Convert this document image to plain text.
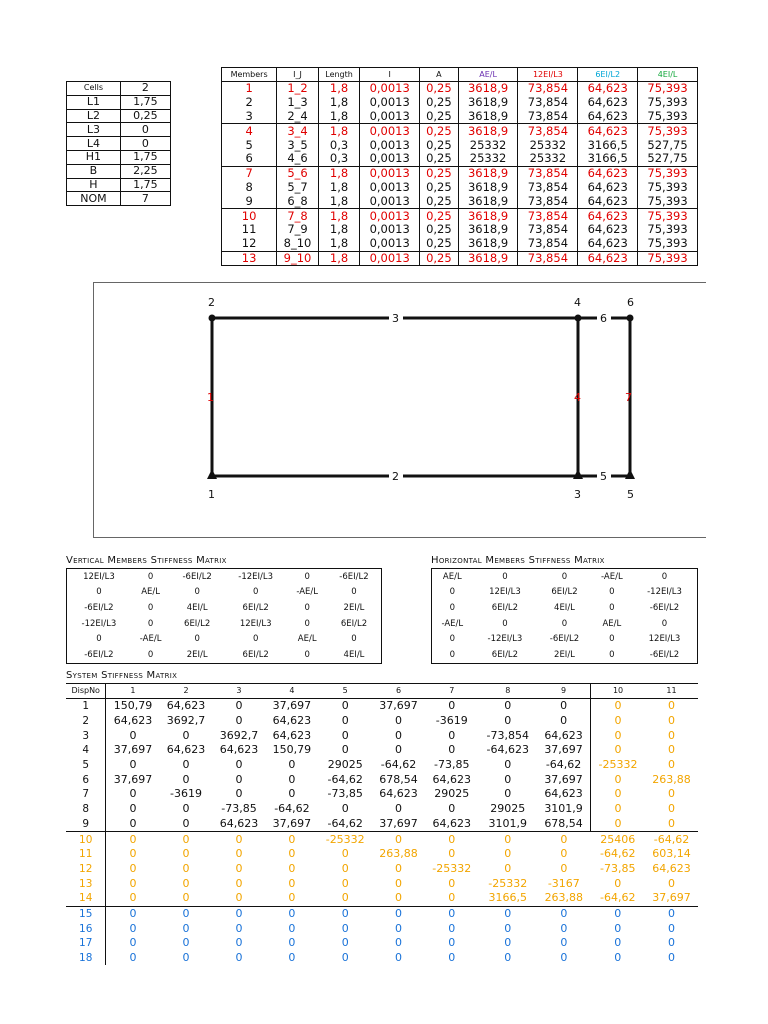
Cells	2
L1	1,75
L2	0,25
L3	0
L4	0
H1	1,75
B	2,25
H	1,75
NOM	7
Members	I_J	Length	I	A	AE/L	12EI/L3	6EI/L2	4EI/L
1	1_2	1,8	0,0013	0,25	3618,9	73,854	64,623	75,393
2	1_3	1,8	0,0013	0,25	3618,9	73,854	64,623	75,393
3	2_4	1,8	0,0013	0,25	3618,9	73,854	64,623	75,393
4	3_4	1,8	0,0013	0,25	3618,9	73,854	64,623	75,393
5	3_5	0,3	0,0013	0,25	25332	25332	3166,5	527,75
6	4_6	0,3	0,0013	0,25	25332	25332	3166,5	527,75
7	5_6	1,8	0,0013	0,25	3618,9	73,854	64,623	75,393
8	5_7	1,8	0,0013	0,25	3618,9	73,854	64,623	75,393
9	6_8	1,8	0,0013	0,25	3618,9	73,854	64,623	75,393
10	7_8	1,8	0,0013	0,25	3618,9	73,854	64,623	75,393
11	7_9	1,8	0,0013	0,25	3618,9	73,854	64,623	75,393
12	8_10	1,8	0,0013	0,25	3618,9	73,854	64,623	75,393
13	9_10	1,8	0,0013	0,25	3618,9	73,854	64,623	75,393
1
2
3
4
5
6
1
2
3
4
5
6
7
Vertical Members Stiffness Matrix
12EI/L3	0	-6EI/L2	-12EI/L3	0	-6EI/L2
0	AE/L	0	0	-AE/L	0
-6EI/L2	0	4EI/L	6EI/L2	0	2EI/L
-12EI/L3	0	6EI/L2	12EI/L3	0	6EI/L2
0	-AE/L	0	0	AE/L	0
-6EI/L2	0	2EI/L	6EI/L2	0	4EI/L
Horizontal Members Stiffness Matrix
AE/L	0	0	-AE/L	0
0	12EI/L3	6EI/L2	0	-12EI/L3
0	6EI/L2	4EI/L	0	-6EI/L2
-AE/L	0	0	AE/L	0
0	-12EI/L3	-6EI/L2	0	12EI/L3
0	6EI/L2	2EI/L	0	-6EI/L2
System Stiffness Matrix
DispNo	1	2	3	4	5	6	7	8	9	10	11
1	150,79	64,623	0	37,697	0	37,697	0	0	0	0	0
2	64,623	3692,7	0	64,623	0	0	-3619	0	0	0	0
3	0	0	3692,7	64,623	0	0	0	-73,854	64,623	0	0
4	37,697	64,623	64,623	150,79	0	0	0	-64,623	37,697	0	0
5	0	0	0	0	29025	-64,62	-73,85	0	-64,62	-25332	0
6	37,697	0	0	0	-64,62	678,54	64,623	0	37,697	0	263,88
7	0	-3619	0	0	-73,85	64,623	29025	0	64,623	0	0
8	0	0	-73,85	-64,62	0	0	0	29025	3101,9	0	0
9	0	0	64,623	37,697	-64,62	37,697	64,623	3101,9	678,54	0	0
10	0	0	0	0	-25332	0	0	0	0	25406	-64,62
11	0	0	0	0	0	263,88	0	0	0	-64,62	603,14
12	0	0	0	0	0	0	-25332	0	0	-73,85	64,623
13	0	0	0	0	0	0	0	-25332	-3167	0	0
14	0	0	0	0	0	0	0	3166,5	263,88	-64,62	37,697
15	0	0	0	0	0	0	0	0	0	0	0
16	0	0	0	0	0	0	0	0	0	0	0
17	0	0	0	0	0	0	0	0	0	0	0
18	0	0	0	0	0	0	0	0	0	0	0
